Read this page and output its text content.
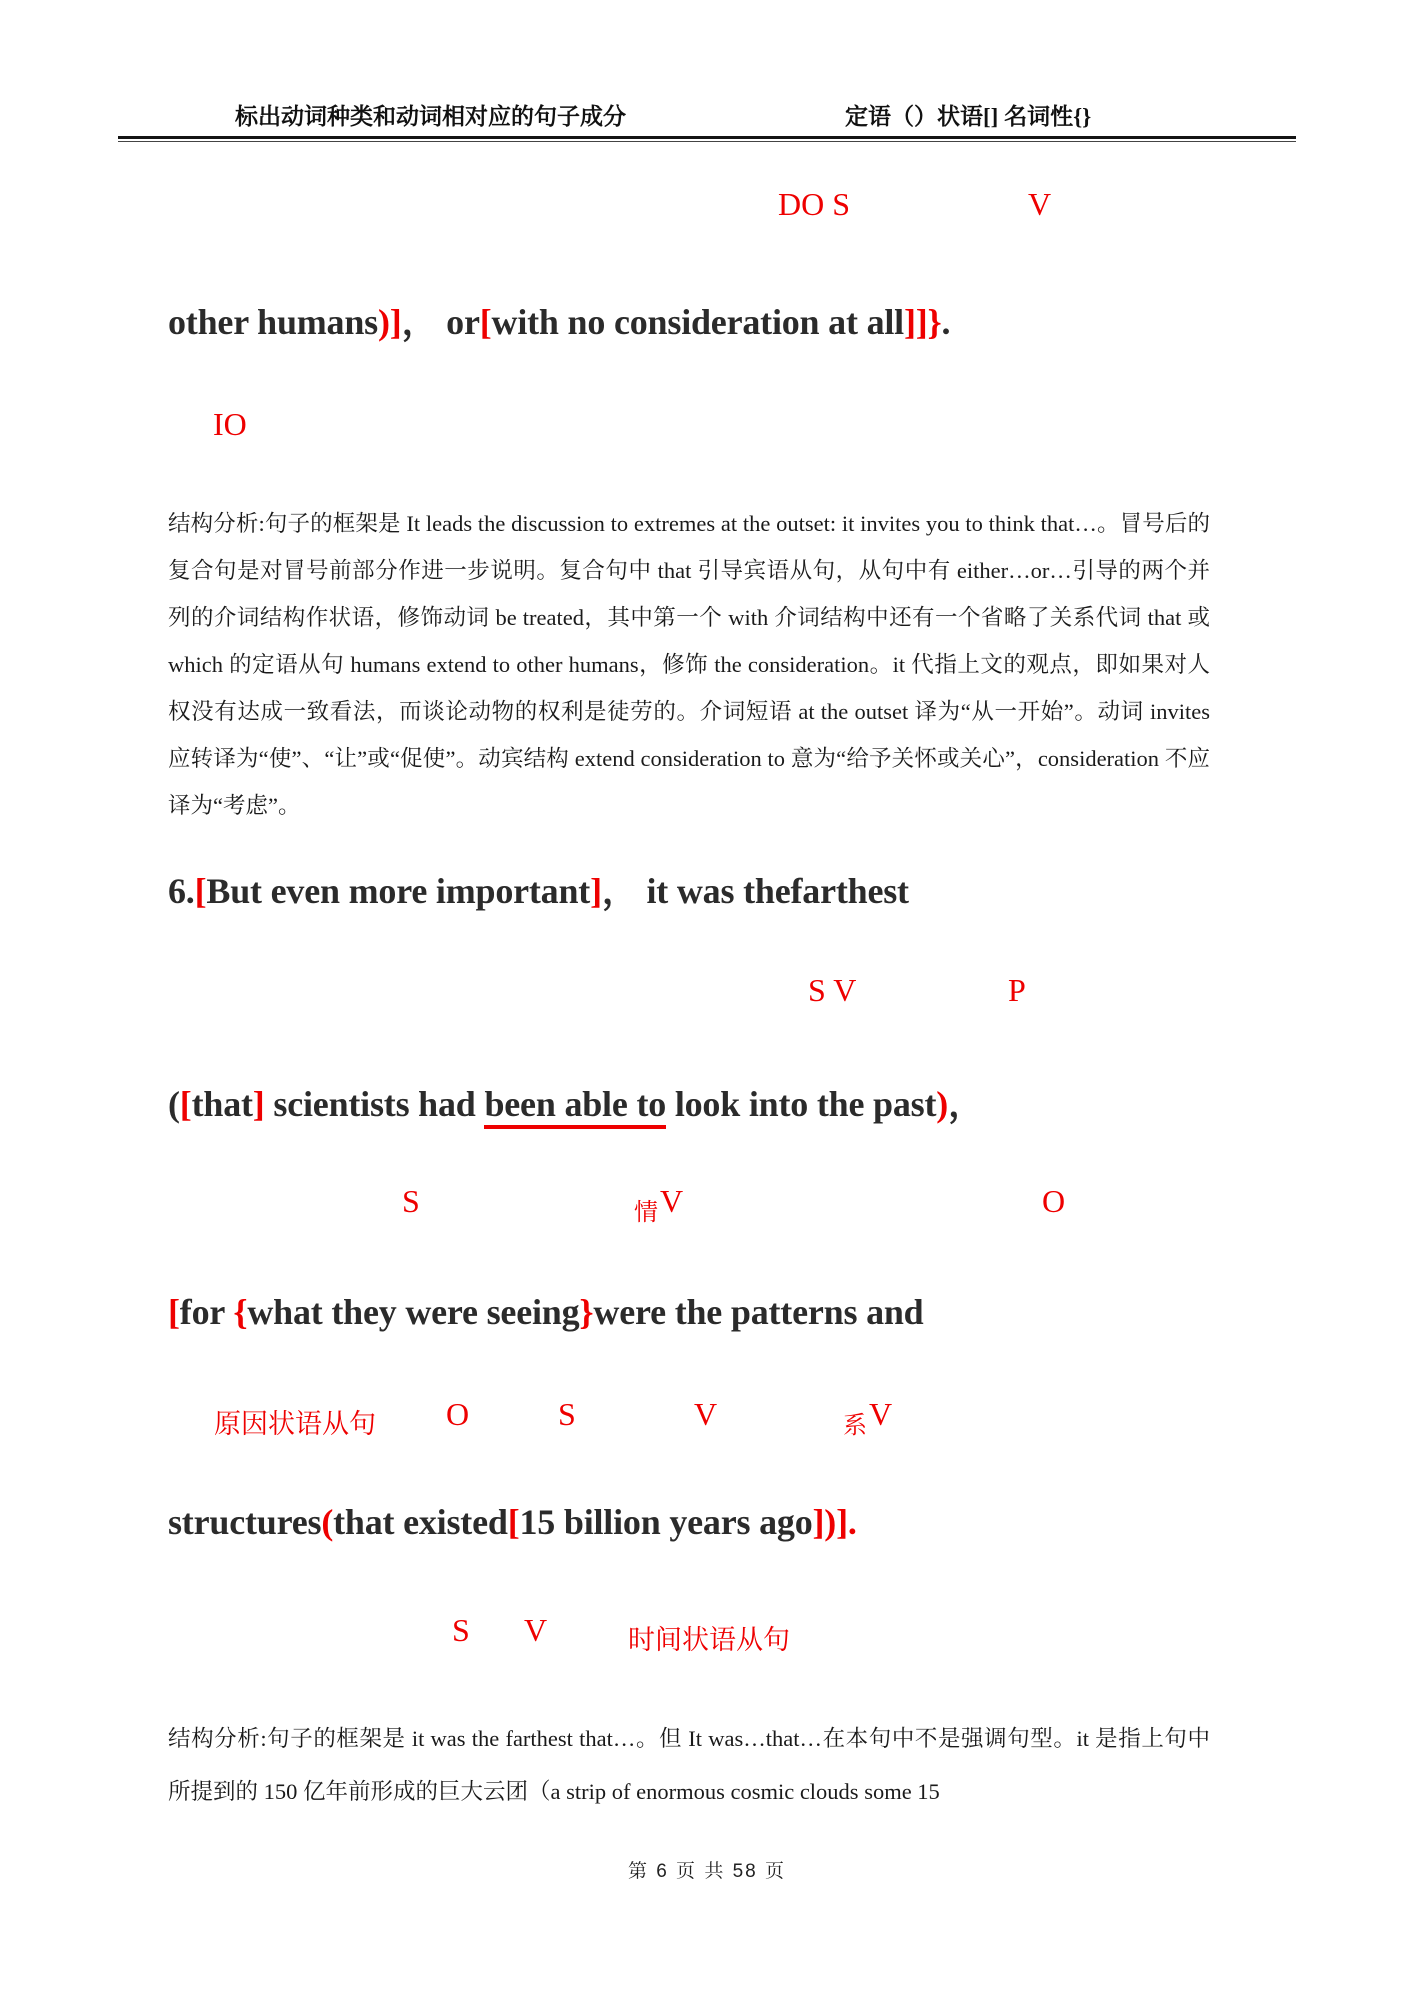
标出动词种类和动词相对应的句子成分	定语（）状语[] 名词性{}
DO S	V
other humans)]， or[with no consideration at all]]}.
IO
结构分析:句子的框架是 It leads the discussion to extremes at the outset: it invites you to think that…。冒号后的复合句是对冒号前部分作进一步说明。复合句中 that 引导宾语从句，从句中有 either…or…引导的两个并列的介词结构作状语，修饰动词 be treated，其中第一个 with 介词结构中还有一个省略了关系代词 that 或 which 的定语从句 humans extend to other humans，修饰 the consideration。it 代指上文的观点，即如果对人权没有达成一致看法，而谈论动物的权利是徒劳的。介词短语 at the outset 译为“从一开始”。动词 invites 应转译为“使”、“让”或“促使”。动宾结构 extend consideration to 意为“给予关怀或关心”，consideration 不应译为“考虑”。
6.[But even more important]， it was thefarthest
S V	P
([that] scientists had been able to look into the past)，
S	情 V	O
[for {what they were seeing}were the patterns and
原因状语从句 O	S	V	系 V
structures(that existed[15 billion years ago])].
S V	时间状语从句
结构分析:句子的框架是 it was the farthest that…。但 It was…that…在本句中不是强调句型。it 是指上句中所提到的 150 亿年前形成的巨大云团（a strip of enormous cosmic clouds some 15
第 6 页 共 58 页
